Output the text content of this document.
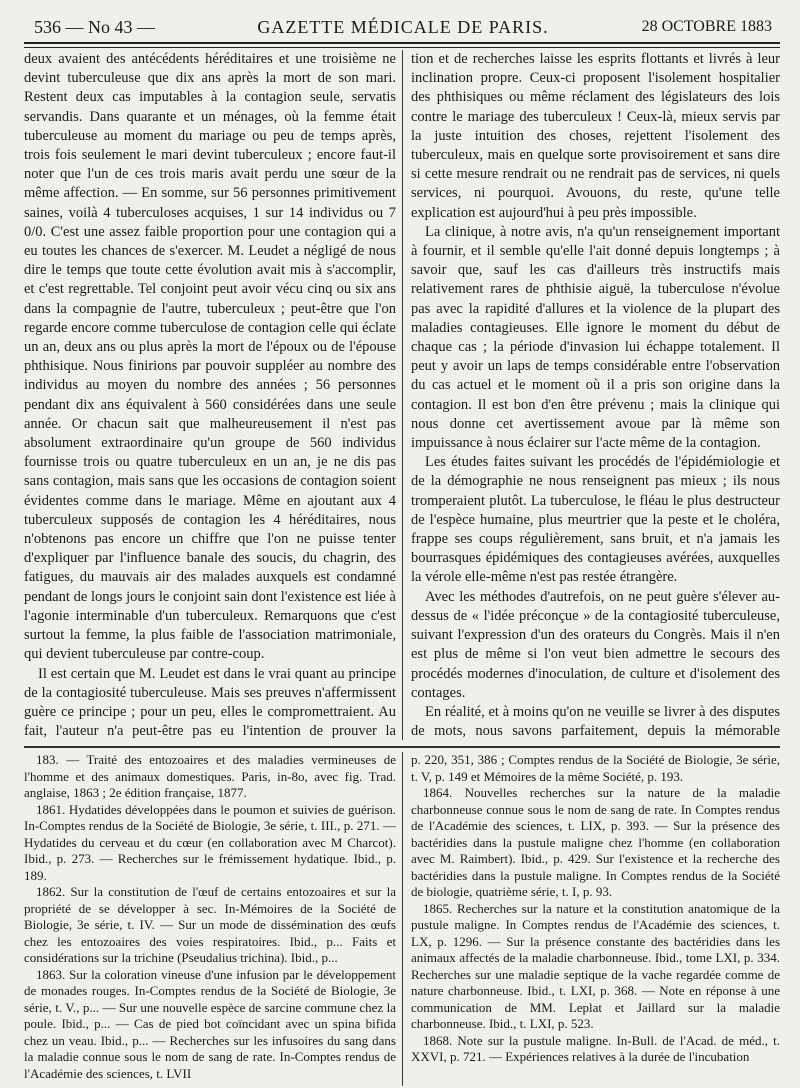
536 — No 43 —	GAZETTE MÉDICALE DE PARIS.	28 OCTOBRE 1883

deux avaient des antécédents héréditaires et une troisième ne devint tuberculeuse que dix ans après la mort de son mari. Restent deux cas imputables à la contagion seule, servatis servandis. Dans quarante et un ménages, où la femme était tuberculeuse au moment du mariage ou peu de temps après, trois fois seulement le mari devint tuberculeux ; encore faut-il noter que l'un de ces trois maris avait perdu une sœur de la même affection. — En somme, sur 56 personnes primitivement saines, voilà 4 tuberculoses acquises, 1 sur 14 individus ou 7 0/0. C'est une assez faible proportion pour une contagion qui a eu toutes les chances de s'exercer. M. Leudet a négligé de nous dire le temps que toute cette évolution avait mis à s'accomplir, et c'est regrettable. Tel conjoint peut avoir vécu cinq ou six ans dans la compagnie de l'autre, tuberculeux ; peut-être que l'on regarde encore comme tuberculose de contagion celle qui éclate un an, deux ans ou plus après la mort de l'époux ou de l'épouse phthisique. Nous finirions par pouvoir suppléer au nombre des individus au moyen du nombre des années ; 56 personnes pendant dix ans équivalent à 560 considérées dans une seule année. Or chacun sait que malheureusement il n'est pas absolument extraordinaire qu'un groupe de 560 individus fournisse trois ou quatre tuberculeux en un an, je ne dis pas sans contagion, mais sans que les occasions de contagion soient évidentes comme dans le mariage. Même en ajoutant aux 4 tuberculeux supposés de contagion les 4 héréditaires, nous n'obtenons pas encore un chiffre que l'on ne puisse tenter d'expliquer par l'influence banale des soucis, du chagrin, des fatigues, du mauvais air des malades auxquels est condamné pendant de longs jours le conjoint sain dont l'existence est liée à l'agonie interminable d'un tuberculeux. Remarquons que c'est surtout la femme, la plus faible de l'association matrimoniale, qui devient tuberculeuse par contre-coup.

Il est certain que M. Leudet est dans le vrai quant au principe de la contagiosité tuberculeuse. Mais ses preuves n'affermissent guère ce principe ; pour un peu, elles le compromettraient. Au fait, l'auteur n'a peut-être pas eu l'intention de prouver la

tion et de recherches laisse les esprits flottants et livrés à leur inclination propre. Ceux-ci proposent l'isolement hospitalier des phthisiques ou même réclament des législateurs des lois contre le mariage des tuberculeux ! Ceux-là, mieux servis par la juste intuition des choses, rejettent l'isolement des tuberculeux, mais en quelque sorte provisoirement et sans dire si cette mesure rendrait ou ne rendrait pas de services, ni quels services, ni pourquoi. Avouons, du reste, qu'une telle explication est aujourd'hui à peu près impossible.

La clinique, à notre avis, n'a qu'un renseignement important à fournir, et il semble qu'elle l'ait donné depuis longtemps ; à savoir que, sauf les cas d'ailleurs très instructifs mais relativement rares de phthisie aiguë, la tuberculose n'évolue pas avec la rapidité d'allures et la violence de la plupart des maladies contagieuses. Elle ignore le moment du début de chaque cas ; la période d'invasion lui échappe totalement. Il peut y avoir un laps de temps considérable entre l'observation du cas actuel et le moment où il a pris son origine dans la contagion. Il est bon d'en être prévenu ; mais la clinique qui nous donne cet avertissement avoue par là même son impuissance à nous éclairer sur l'acte même de la contagion.

Les études faites suivant les procédés de l'épidémiologie et de la démographie ne nous renseignent pas mieux ; ils nous tromperaient plutôt. La tuberculose, le fléau le plus destructeur de l'espèce humaine, plus meurtrier que la peste et le choléra, frappe ses coups régulièrement, sans bruit, et n'a jamais les bourrasques épidémiques des contagieuses avérées, auxquelles la vérole elle-même n'est pas restée étrangère.

Avec les méthodes d'autrefois, on ne peut guère s'élever au-dessus de « l'idée préconçue » de la contagiosité tuberculeuse, suivant l'expression d'un des orateurs du Congrès. Mais il n'en est plus de même si l'on veut bien admettre le secours des procédés modernes d'inoculation, de culture et d'isolement des contages.

En réalité, et à moins qu'on ne veuille se livrer à des disputes de mots, nous savons parfaitement, depuis la mémorable

183. — Traité des entozoaires et des maladies vermineuses de l'homme et des animaux domestiques. Paris, in-8o, avec fig. Trad. anglaise, 1863 ; 2e édition française, 1877.

1861. Hydatides développées dans le poumon et suivies de guérison. In-Comptes rendus de la Société de Biologie, 3e série, t. III., p. 271. — Hydatides du cerveau et du cœur (en collaboration avec M Charcot). Ibid., p. 273. — Recherches sur le frémissement hydatique. Ibid., p. 189.

1862. Sur la constitution de l'œuf de certains entozoaires et sur la propriété de se développer à sec. In-Mémoires de la Société de Biologie, 3e série, t. IV. — Sur un mode de dissémination des œufs chez les entozoaires des voies respiratoires. Ibid., p... Faits et considérations sur la trichine (Pseudalius trichina). Ibid., p...

1863. Sur la coloration vineuse d'une infusion par le développement de monades rouges. In-Comptes rendus de la Société de Biologie, 3e série, t. V., p... — Sur une nouvelle espèce de sarcine commune chez la poule. Ibid., p... — Cas de pied bot coïncidant avec un spina bifida chez un veau. Ibid., p... — Recherches sur les infusoires du sang dans la maladie connue sous le nom de sang de rate. In-Comptes rendus de l'Académie des sciences, t. LVII

p. 220, 351, 386 ; Comptes rendus de la Société de Biologie, 3e série, t. V, p. 149 et Mémoires de la même Société, p. 193.

1864. Nouvelles recherches sur la nature de la maladie charbonneuse connue sous le nom de sang de rate. In Comptes rendus de l'Académie des sciences, t. LIX, p. 393. — Sur la présence des bactéridies dans la pustule maligne chez l'homme (en collaboration avec M. Raimbert). Ibid., p. 429. Sur l'existence et la recherche des bactéridies dans la pustule maligne. In Comptes rendus de la Société de biologie, quatrième série, t. I, p. 93.

1865. Recherches sur la nature et la constitution anatomique de la pustule maligne. In Comptes rendus de l'Académie des sciences, t. LX, p. 1296. — Sur la présence constante des bactéridies dans les animaux affectés de la maladie charbonneuse. Ibid., tome LXI, p. 334. Recherches sur une maladie septique de la vache regardée comme de nature charbonneuse. Ibid., t. LXI, p. 368. — Note en réponse à une communication de MM. Leplat et Jaillard sur la maladie charbonneuse. Ibid., t. LXI, p. 523.

1868. Note sur la pustule maligne. In-Bull. de l'Acad. de méd., t. XXVI, p. 721. — Expériences relatives à la durée de l'incubation
